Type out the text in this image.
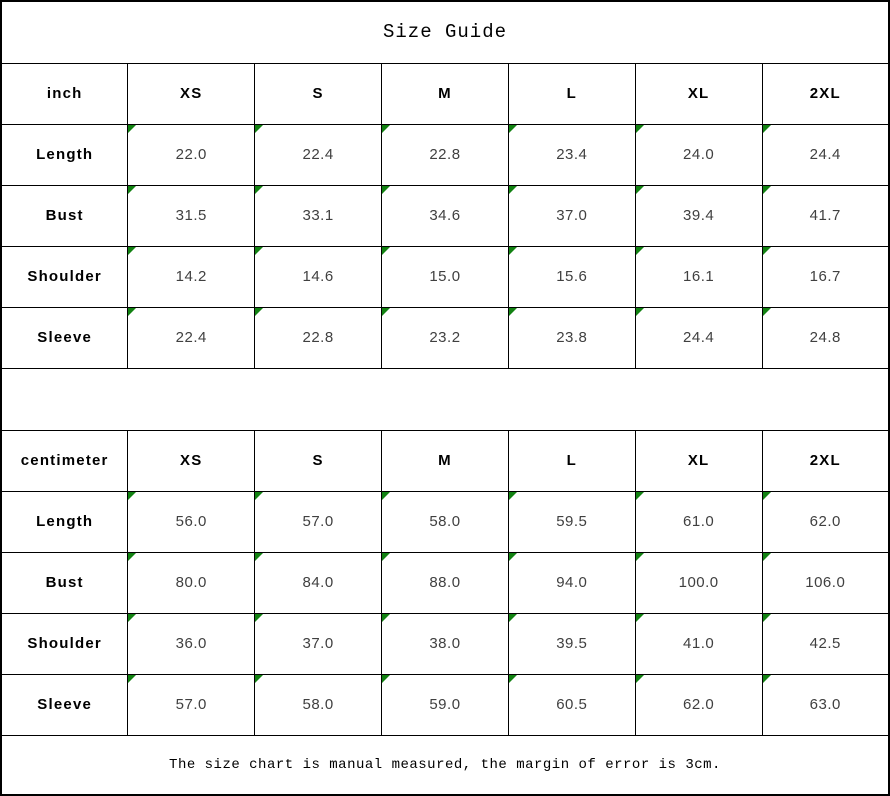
Size Guide						
inch	XS	S	M	L	XL	2XL
Length	22.0	22.4	22.8	23.4	24.0	24.4
Bust	31.5	33.1	34.6	37.0	39.4	41.7
Shoulder	14.2	14.6	15.0	15.6	16.1	16.7
Sleeve	22.4	22.8	23.2	23.8	24.4	24.8

centimeter	XS	S	M	L	XL	2XL
Length	56.0	57.0	58.0	59.5	61.0	62.0
Bust	80.0	84.0	88.0	94.0	100.0	106.0
Shoulder	36.0	37.0	38.0	39.5	41.0	42.5
Sleeve	57.0	58.0	59.0	60.5	62.0	63.0
The size chart is manual measured, the margin of error is 3cm.						
